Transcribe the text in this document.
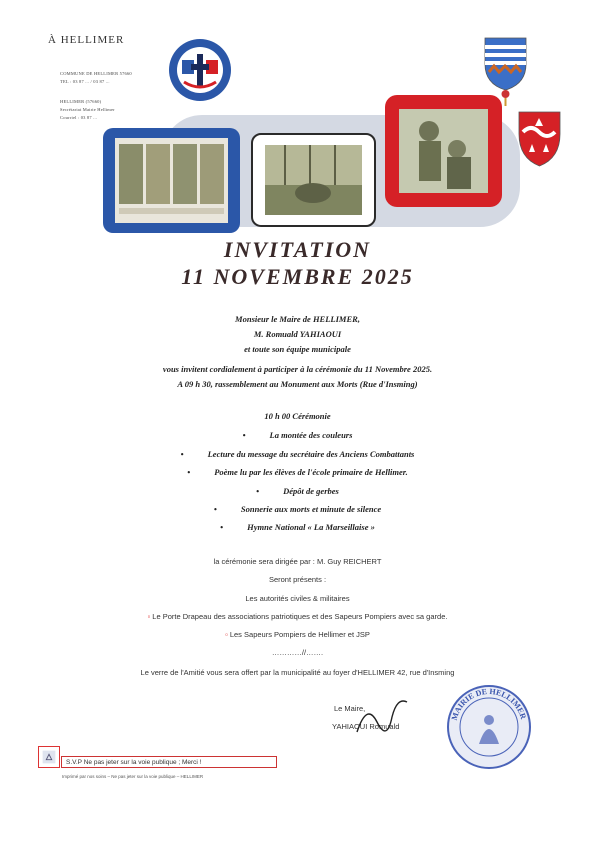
À HELLIMER
COMMUNE DE HELLIMER 57660
TEL : 03 87 ... / 03 87 ...
HELLIMER (57660)
Secrétariat Mairie Hellimer
Courriel : 03 87 ...
INVITATION
11 NOVEMBRE 2025
Monsieur le Maire de HELLIMER,
M. Romuald YAHIAOUI
et toute son équipe municipale
vous invitent cordialement à participer à la cérémonie du 11 Novembre 2025.
A 09 h 30, rassemblement au Monument aux Morts (Rue d'Insming)
10 h 00 Cérémonie
•	La montée des couleurs
•	Lecture du message du secrétaire des Anciens Combattants
•	Poème lu par les élèves de l'école primaire de Hellimer.
•	Dépôt de gerbes
•	Sonnerie aux morts et minute de silence
•	Hymne National « La Marseillaise »
la cérémonie sera dirigée par : M. Guy REICHERT
Seront présents :
Les autorités civiles & militaires
▫ Le Porte Drapeau des associations patriotiques et des Sapeurs Pompiers avec sa garde.
▫ Les Sapeurs Pompiers de Hellimer et JSP
…………//…….
Le verre de l'Amitié vous sera offert par la municipalité au foyer d'HELLIMER 42, rue d'Insming
Le Maire,
YAHIAOUI Romuald
MAIRIE DE HELLIMER
S.V.P Ne pas jeter sur la voie publique ; Merci !
Imprimé par nos soins – Ne pas jeter sur la voie publique – HELLIMER
